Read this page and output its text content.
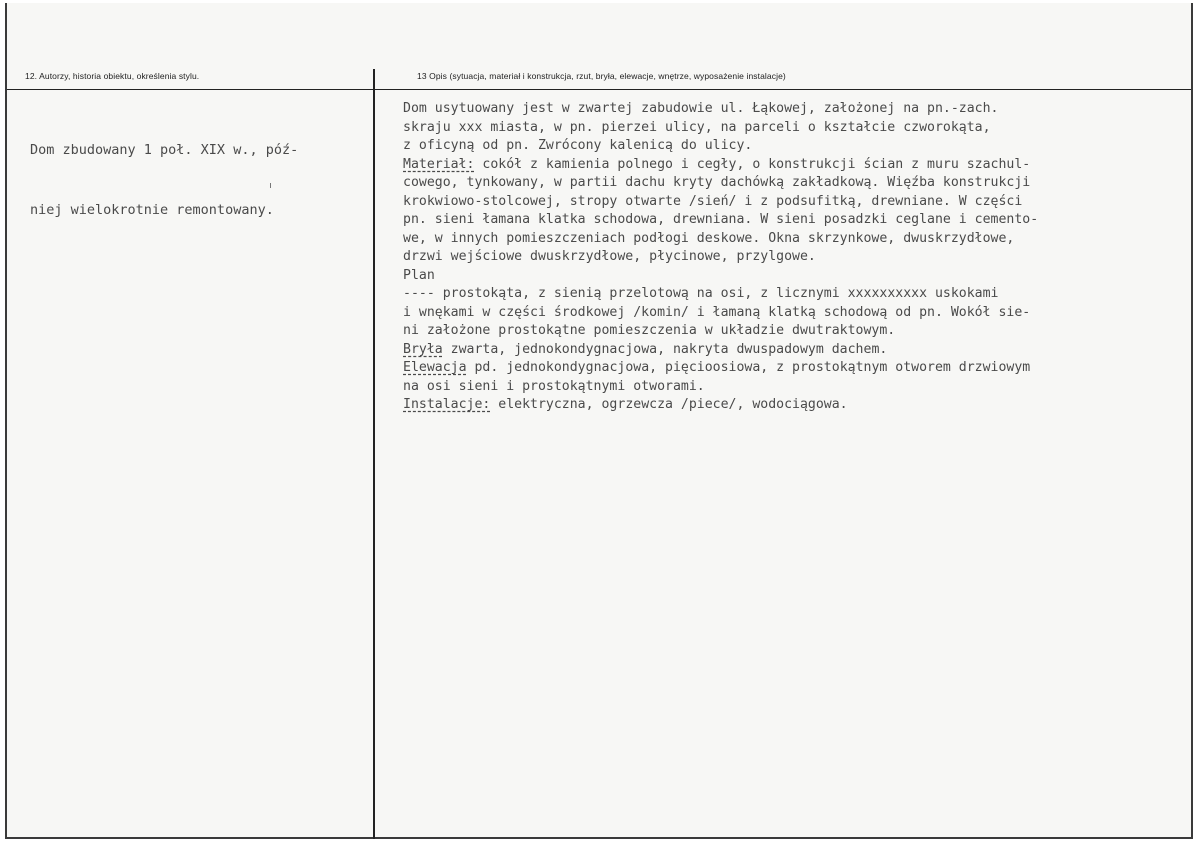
12. Autorzy, historia obiektu, określenia stylu.	13 Opis (sytuacja, materiał i konstrukcja, rzut, bryła, elewacje, wnętrze, wyposażenie instalacje)

Dom zbudowany 1 poł. XIX w., póź-

niej wielokrotnie remontowany.

Dom usytuowany jest w zwartej zabudowie ul. Łąkowej, założonej na pn.-zach.
skraju xxx miasta, w pn. pierzei ulicy, na parceli o kształcie czworokąta,
z oficyną od pn. Zwrócony kalenicą do ulicy.
Materiał: cokół z kamienia polnego i cegły, o konstrukcji ścian z muru szachul-
cowego, tynkowany, w partii dachu kryty dachówką zakładkową. Więźba konstrukcji
krokwiowo-stolcowej, stropy otwarte /sień/ i z podsufitką, drewniane. W części
pn. sieni łamana klatka schodowa, drewniana. W sieni posadzki ceglane i cemento-
we, w innych pomieszczeniach podłogi deskowe. Okna skrzynkowe, dwuskrzydłowe,
drzwi wejściowe dwuskrzydłowe, płycinowe, przylgowe.
Plan
---- prostokąta, z sienią przelotową na osi, z licznymi xxxxxxxxxx uskokami
i wnękami w części środkowej /komin/ i łamaną klatką schodową od pn. Wokół sie-
ni założone prostokątne pomieszczenia w układzie dwutraktowym.
Bryła zwarta, jednokondygnacjowa, nakryta dwuspadowym dachem.
Elewacja pd. jednokondygnacjowa, pięcioosiowa, z prostokątnym otworem drzwiowym
na osi sieni i prostokątnymi otworami.
Instalacje: elektryczna, ogrzewcza /piece/, wodociągowa.
